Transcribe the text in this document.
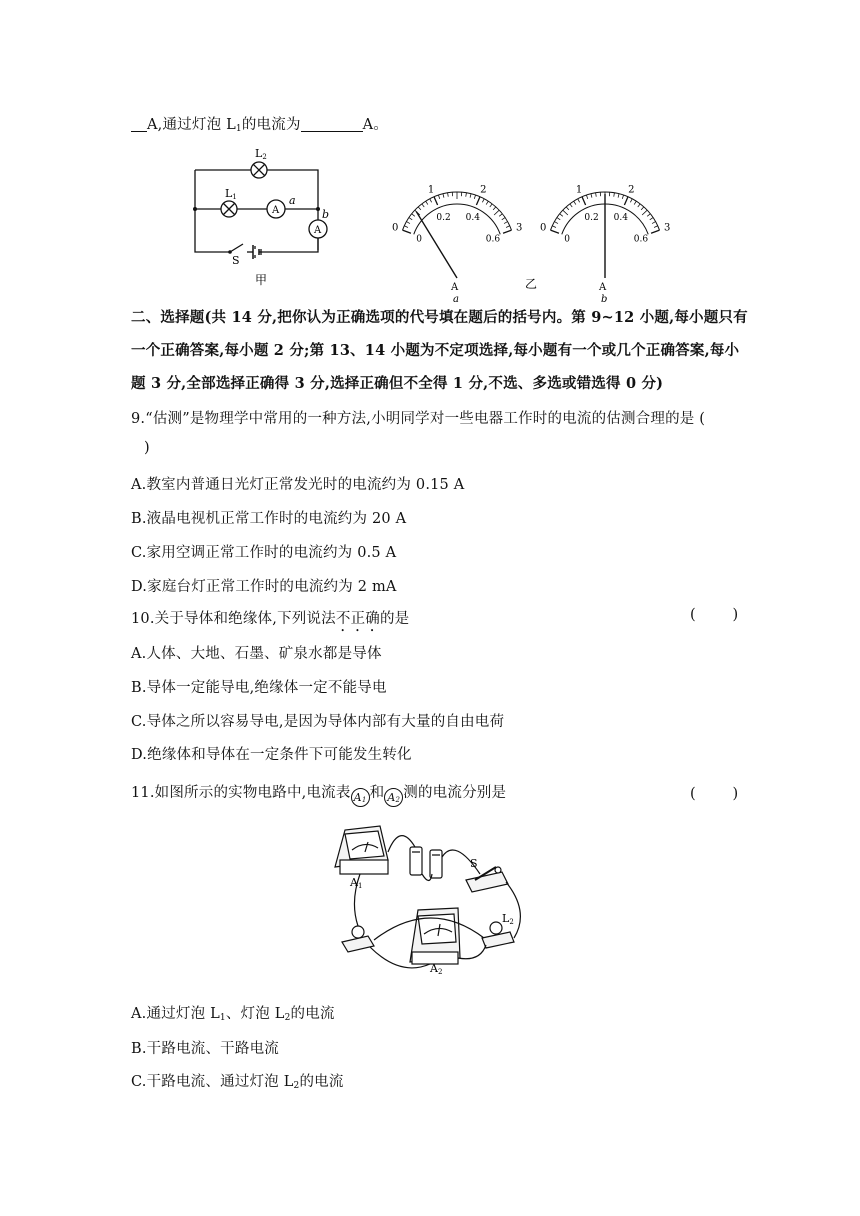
A,通过灯泡 $L_1$的电流为	A。
L2
L1
A
A
a
b
S
甲
0
0
1
0.2
2
0.4
3
0.6
A
a
0
0
1
0.2
2
0.4
3
0.6
A
b
乙
二、选择题(共 14 分,把你认为正确选项的代号填在题后的括号内。第 9~12 小题,每小题只有
一个正确答案,每小题 2 分;第 13、14 小题为不定项选择,每小题有一个或几个正确答案,每小
题 3 分,全部选择正确得 3 分,选择正确但不全得 1 分,不选、多选或错选得 0 分)
9.“估测”是物理学中常用的一种方法,小明同学对一些电器工作时的电流的估测合理的是 (
)
A.教室内普通日光灯正常发光时的电流约为 0.15 A
B.液晶电视机正常工作时的电流约为 20 A
C.家用空调正常工作时的电流约为 0.5 A
D.家庭台灯正常工作时的电流约为 2 mA
10.关于导体和绝缘体,下列说法不正确的是	(        )
A.人体、大地、石墨、矿泉水都是导体
B.导体一定能导电,绝缘体一定不能导电
C.导体之所以容易导电,是因为导体内部有大量的自由电荷
D.绝缘体和导体在一定条件下可能发生转化
11.如图所示的实物电路中,电流表 $A_1$ 和 $A_2$ 测的电流分别是	(        )
A1
A2
S
L2
A.通过灯泡 $L_1$、灯泡 $L_2$的电流
B.干路电流、干路电流
C.干路电流、通过灯泡 $L_2$的电流
